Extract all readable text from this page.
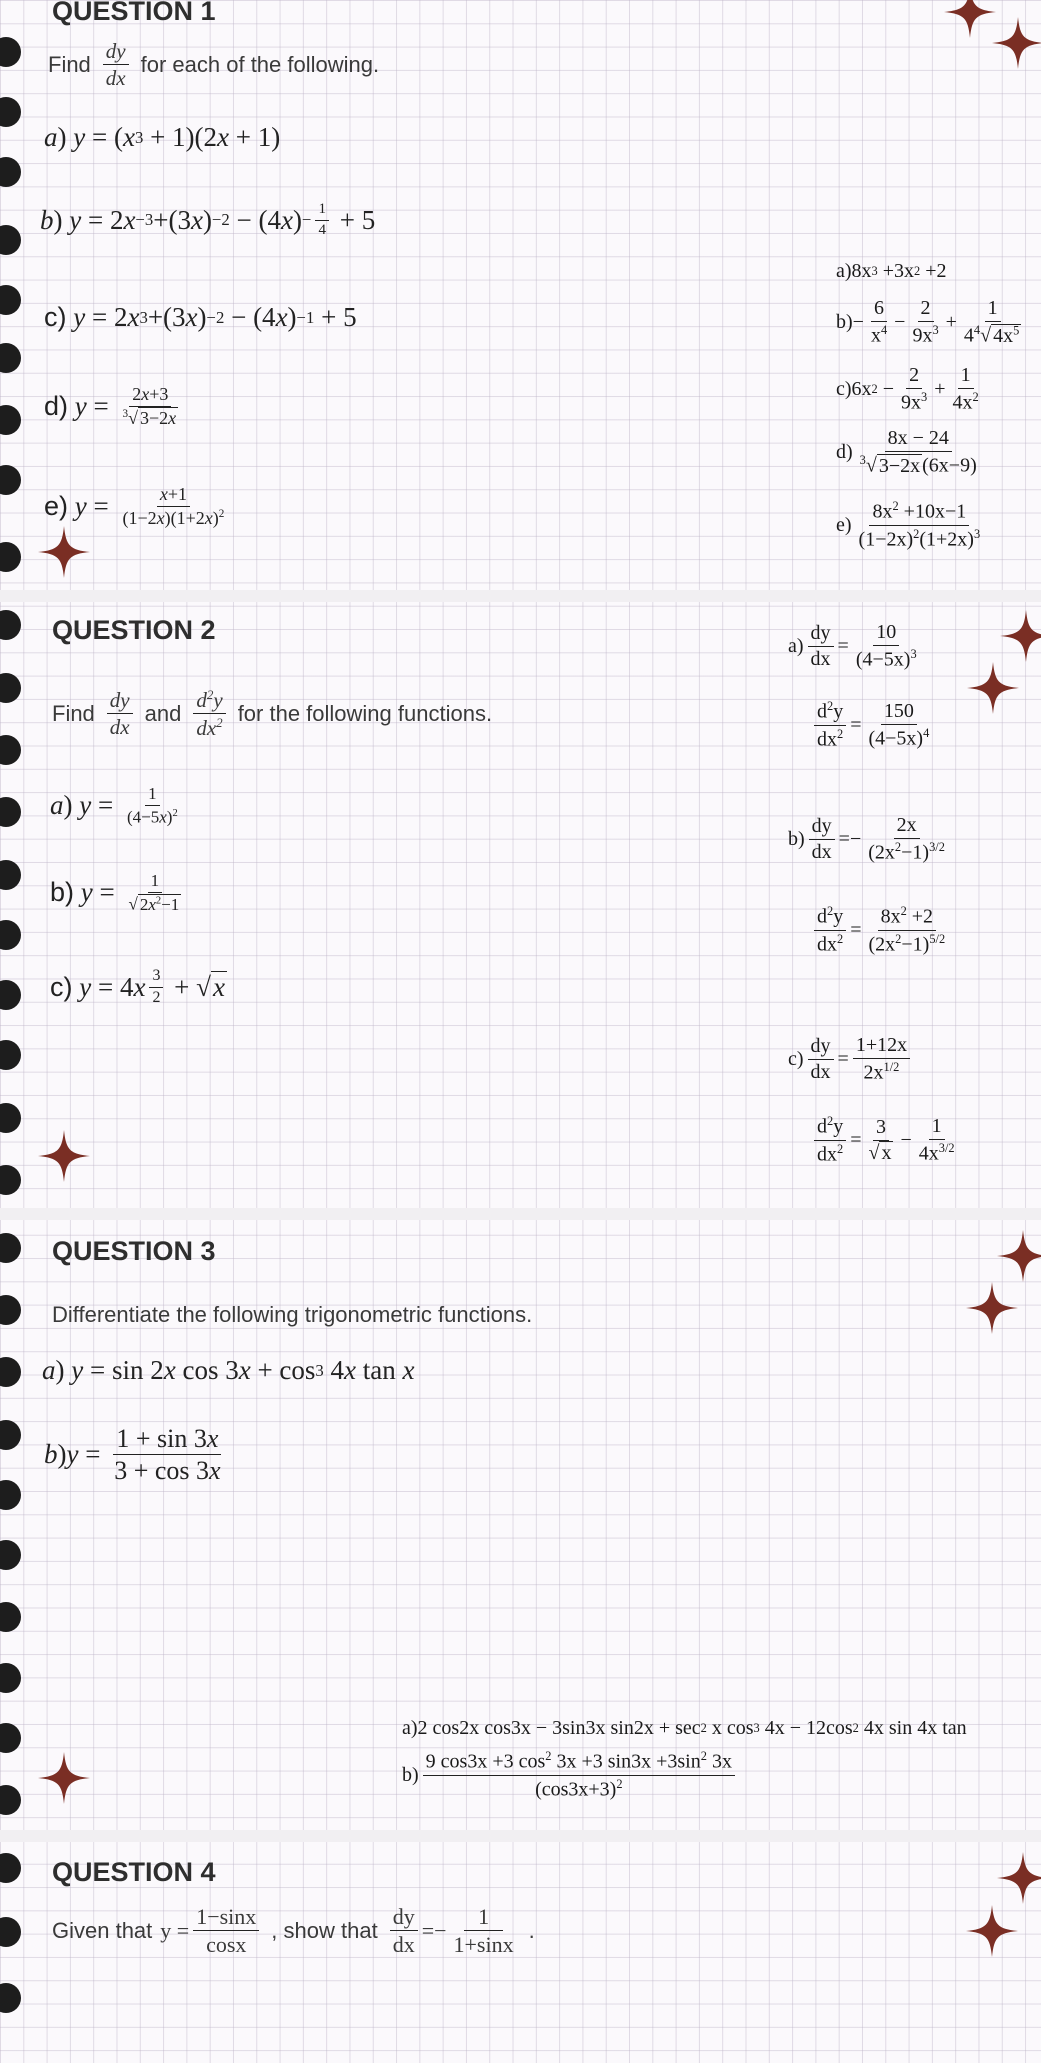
QUESTION 1
Find $\frac{dy}{dx}$ for each of the following.
a ) y = ( x 3 + 1)(2 x + 1)
b ) y = 2 x −3 +(3 x ) −2 − (4 x ) − $\frac{1}{4} + 5$
c)
y = 2 x 3 +(3 x ) −2 − (4 x ) −1 + 5
d)
$y = \frac{2x+3}{^3√ 3-2x}$
e)
$y = \frac{x+1}{(1-2x)(1+2x)^2}$
a)8x 3 +3x 2 +2
$b)- \frac{6}{x^4} - \frac{2}{9x^3} + \frac{1}{4^4√ 4x^5}$
c)6x $2 - \frac{2}{9x^3} + \frac{1}{4x^2}$
$d) \frac{8x - 24}{^3√ 3-2x (6x-9)}$
$e) \frac{8x^2 +10x-1}{(1-2x)^2(1+2x)^3}$
QUESTION 2
Find $\frac{dy}{dx}$ and $\frac{d^2y}{dx^2}$ for the following functions.
a ) $y = \frac{1}{(4-5x)^2}$
b)
$y = \frac{1}{√ 2x^2-1}$
c)
y = 4 x $\frac{3}{2}$ + √ x
$a) \frac{dy}{dx} = \frac{10}{(4-5x)^3}$
$\frac{d^2y}{dx^2} = \frac{150}{(4-5x)^4}$
$b) \frac{dy}{dx} =- \frac{2x}{(2x^2-1)^{3/2}}$
$\frac{d^2y}{dx^2} = \frac{8x^2 +2}{(2x^2-1)^{5/2}}$
$c) \frac{dy}{dx} = \frac{1+12x}{2x^{1/2}}$
$\frac{d^2y}{dx^2} = \frac{3}{√ x} - \frac{1}{4x^{3/2}}$
QUESTION 3
Differentiate the following trigonometric functions.
a ) y = sin 2 x cos 3 x + cos 3 4 x tan x
b ) $y = \frac{1 + \sin 3x}{3 + \cos 3x}$
a)2 cos2x cos3x − 3sin3x sin2x + sec 2 x cos 3 4x − 12cos 2 4x sin 4x tan
$b) \frac{9 \cos 3x +3 \cos^2 3x +3 \sin 3x +3\sin^2 3x}{(\cos 3x+3)^2}$
QUESTION 4
Given that $y = \frac{1-\sin x}{\cos x}$ , show that $\frac{dy}{dx} =- \frac{1}{1+\sin x}$ .
